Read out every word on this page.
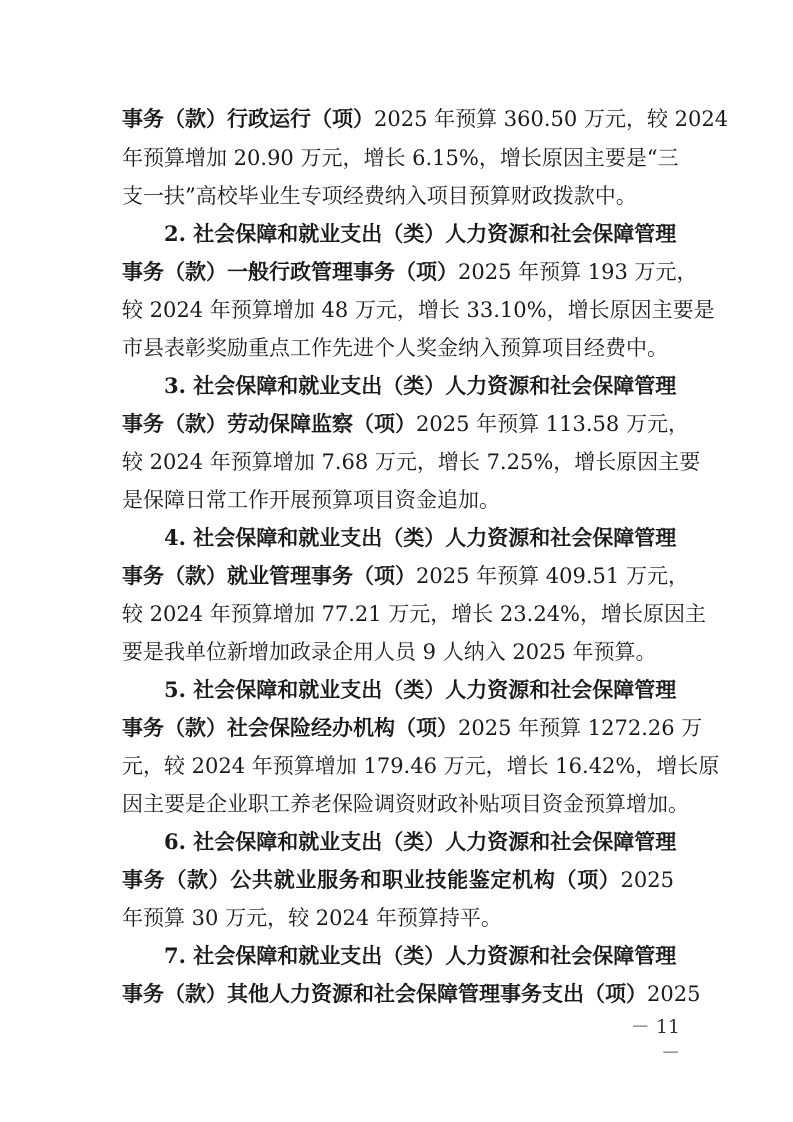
事务（款）行政运行（项）2025 年预算 360.50 万元，较 2024
年预算增加 20.90 万元，增长 6.15%，增长原因主要是“三
支一扶”高校毕业生专项经费纳入项目预算财政拨款中。
2. 社会保障和就业支出（类）人力资源和社会保障管理
事务（款）一般行政管理事务（项）2025 年预算 193 万元，
较 2024 年预算增加 48 万元，增长 33.10%，增长原因主要是
市县表彰奖励重点工作先进个人奖金纳入预算项目经费中。
3. 社会保障和就业支出（类）人力资源和社会保障管理
事务（款）劳动保障监察（项）2025 年预算 113.58 万元，
较 2024 年预算增加 7.68 万元，增长 7.25%，增长原因主要
是保障日常工作开展预算项目资金追加。
4. 社会保障和就业支出（类）人力资源和社会保障管理
事务（款）就业管理事务（项）2025 年预算 409.51 万元，
较 2024 年预算增加 77.21 万元，增长 23.24%，增长原因主
要是我单位新增加政录企用人员 9 人纳入 2025 年预算。
5. 社会保障和就业支出（类）人力资源和社会保障管理
事务（款）社会保险经办机构（项）2025 年预算 1272.26 万
元，较 2024 年预算增加 179.46 万元，增长 16.42%，增长原
因主要是企业职工养老保险调资财政补贴项目资金预算增加。
6. 社会保障和就业支出（类）人力资源和社会保障管理
事务（款）公共就业服务和职业技能鉴定机构（项）2025
年预算 30 万元，较 2024 年预算持平。
7. 社会保障和就业支出（类）人力资源和社会保障管理
事务（款）其他人力资源和社会保障管理事务支出（项）2025
－ 11 －
